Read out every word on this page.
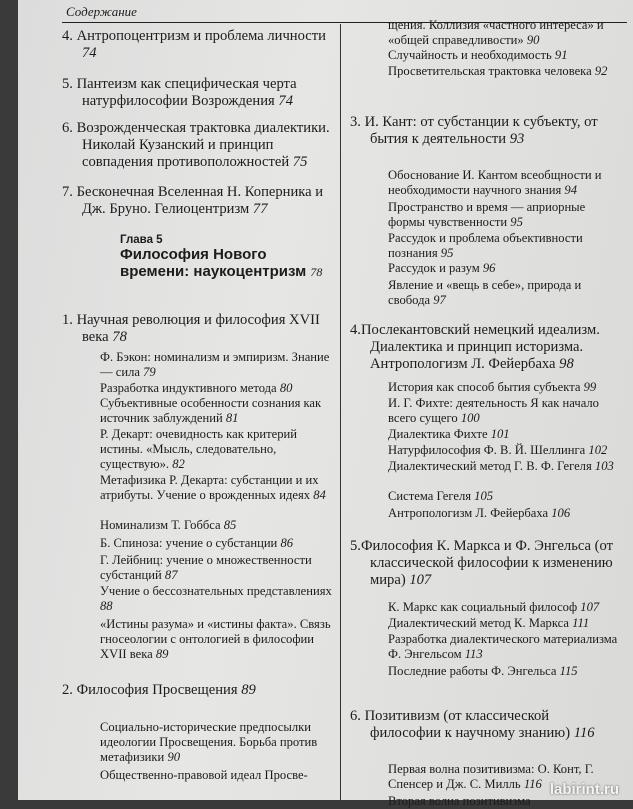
Содержание
4. Антропоцентризм и проблема личности 74
5. Пантеизм как специфическая черта натурфилософии Возрождения 74
6. Возрожденческая трактовка диалектики. Николай Кузанский и принцип совпадения противоположностей 75
7. Бесконечная Вселенная Н. Коперника и Дж. Бруно. Гелиоцентризм 77
Глава 5
Философия Нового времени: наукоцентризм 78
1. Научная революция и философия XVII века 78
Ф. Бэкон: номинализм и эмпиризм. Знание — сила 79
Разработка индуктивного метода 80
Субъективные особенности сознания как источник заблуждений 81
Р. Декарт: очевидность как критерий истины. «Мысль, следовательно, существую». 82
Метафизика Р. Декарта: субстанции и их атрибуты. Учение о врожденных идеях 84
Номинализм Т. Гоббса 85
Б. Спиноза: учение о субстанции 86
Г. Лейбниц: учение о множественности субстанций 87
Учение о бессознательных представлениях 88
«Истины разума» и «истины факта». Связь гносеологии с онтологией в философии XVII века 89
2. Философия Просвещения 89
Социально-исторические предпосылки идеологии Просвещения. Борьба против метафизики 90
Общественно-правовой идеал Просве-
щения. Коллизия «частного интереса» и «общей справедливости» 90
Случайность и необходимость 91
Просветительская трактовка человека 92
3. И. Кант: от субстанции к субъекту, от бытия к деятельности 93
Обоснование И. Кантом всеобщности и необходимости научного знания 94
Пространство и время — априорные формы чувственности 95
Рассудок и проблема объективности познания 95
Рассудок и разум 96
Явление и «вещь в себе», природа и свобода 97
4.Послекантовский немецкий идеализм. Диалектика и принцип историзма. Антропологизм Л. Фейербаха 98
История как способ бытия субъекта 99
И. Г. Фихте: деятельность Я как начало всего сущего 100
Диалектика Фихте 101
Натурфилософия Ф. В. Й. Шеллинга 102
Диалектический метод Г. В. Ф. Гегеля 103
Система Гегеля 105
Антропологизм Л. Фейербаха 106
5.Философия К. Маркса и Ф. Энгельса (от классической философии к изменению мира) 107
К. Маркс как социальный философ 107
Диалектический метод К. Маркса 111
Разработка диалектического материализма Ф. Энгельсом 113
Последние работы Ф. Энгельса 115
6. Позитивизм (от классической философии к научному знанию) 116
Первая волна позитивизма: О. Конт, Г. Спенсер и Дж. С. Милль 116
Вторая волна позитивизма
labirint.ru
